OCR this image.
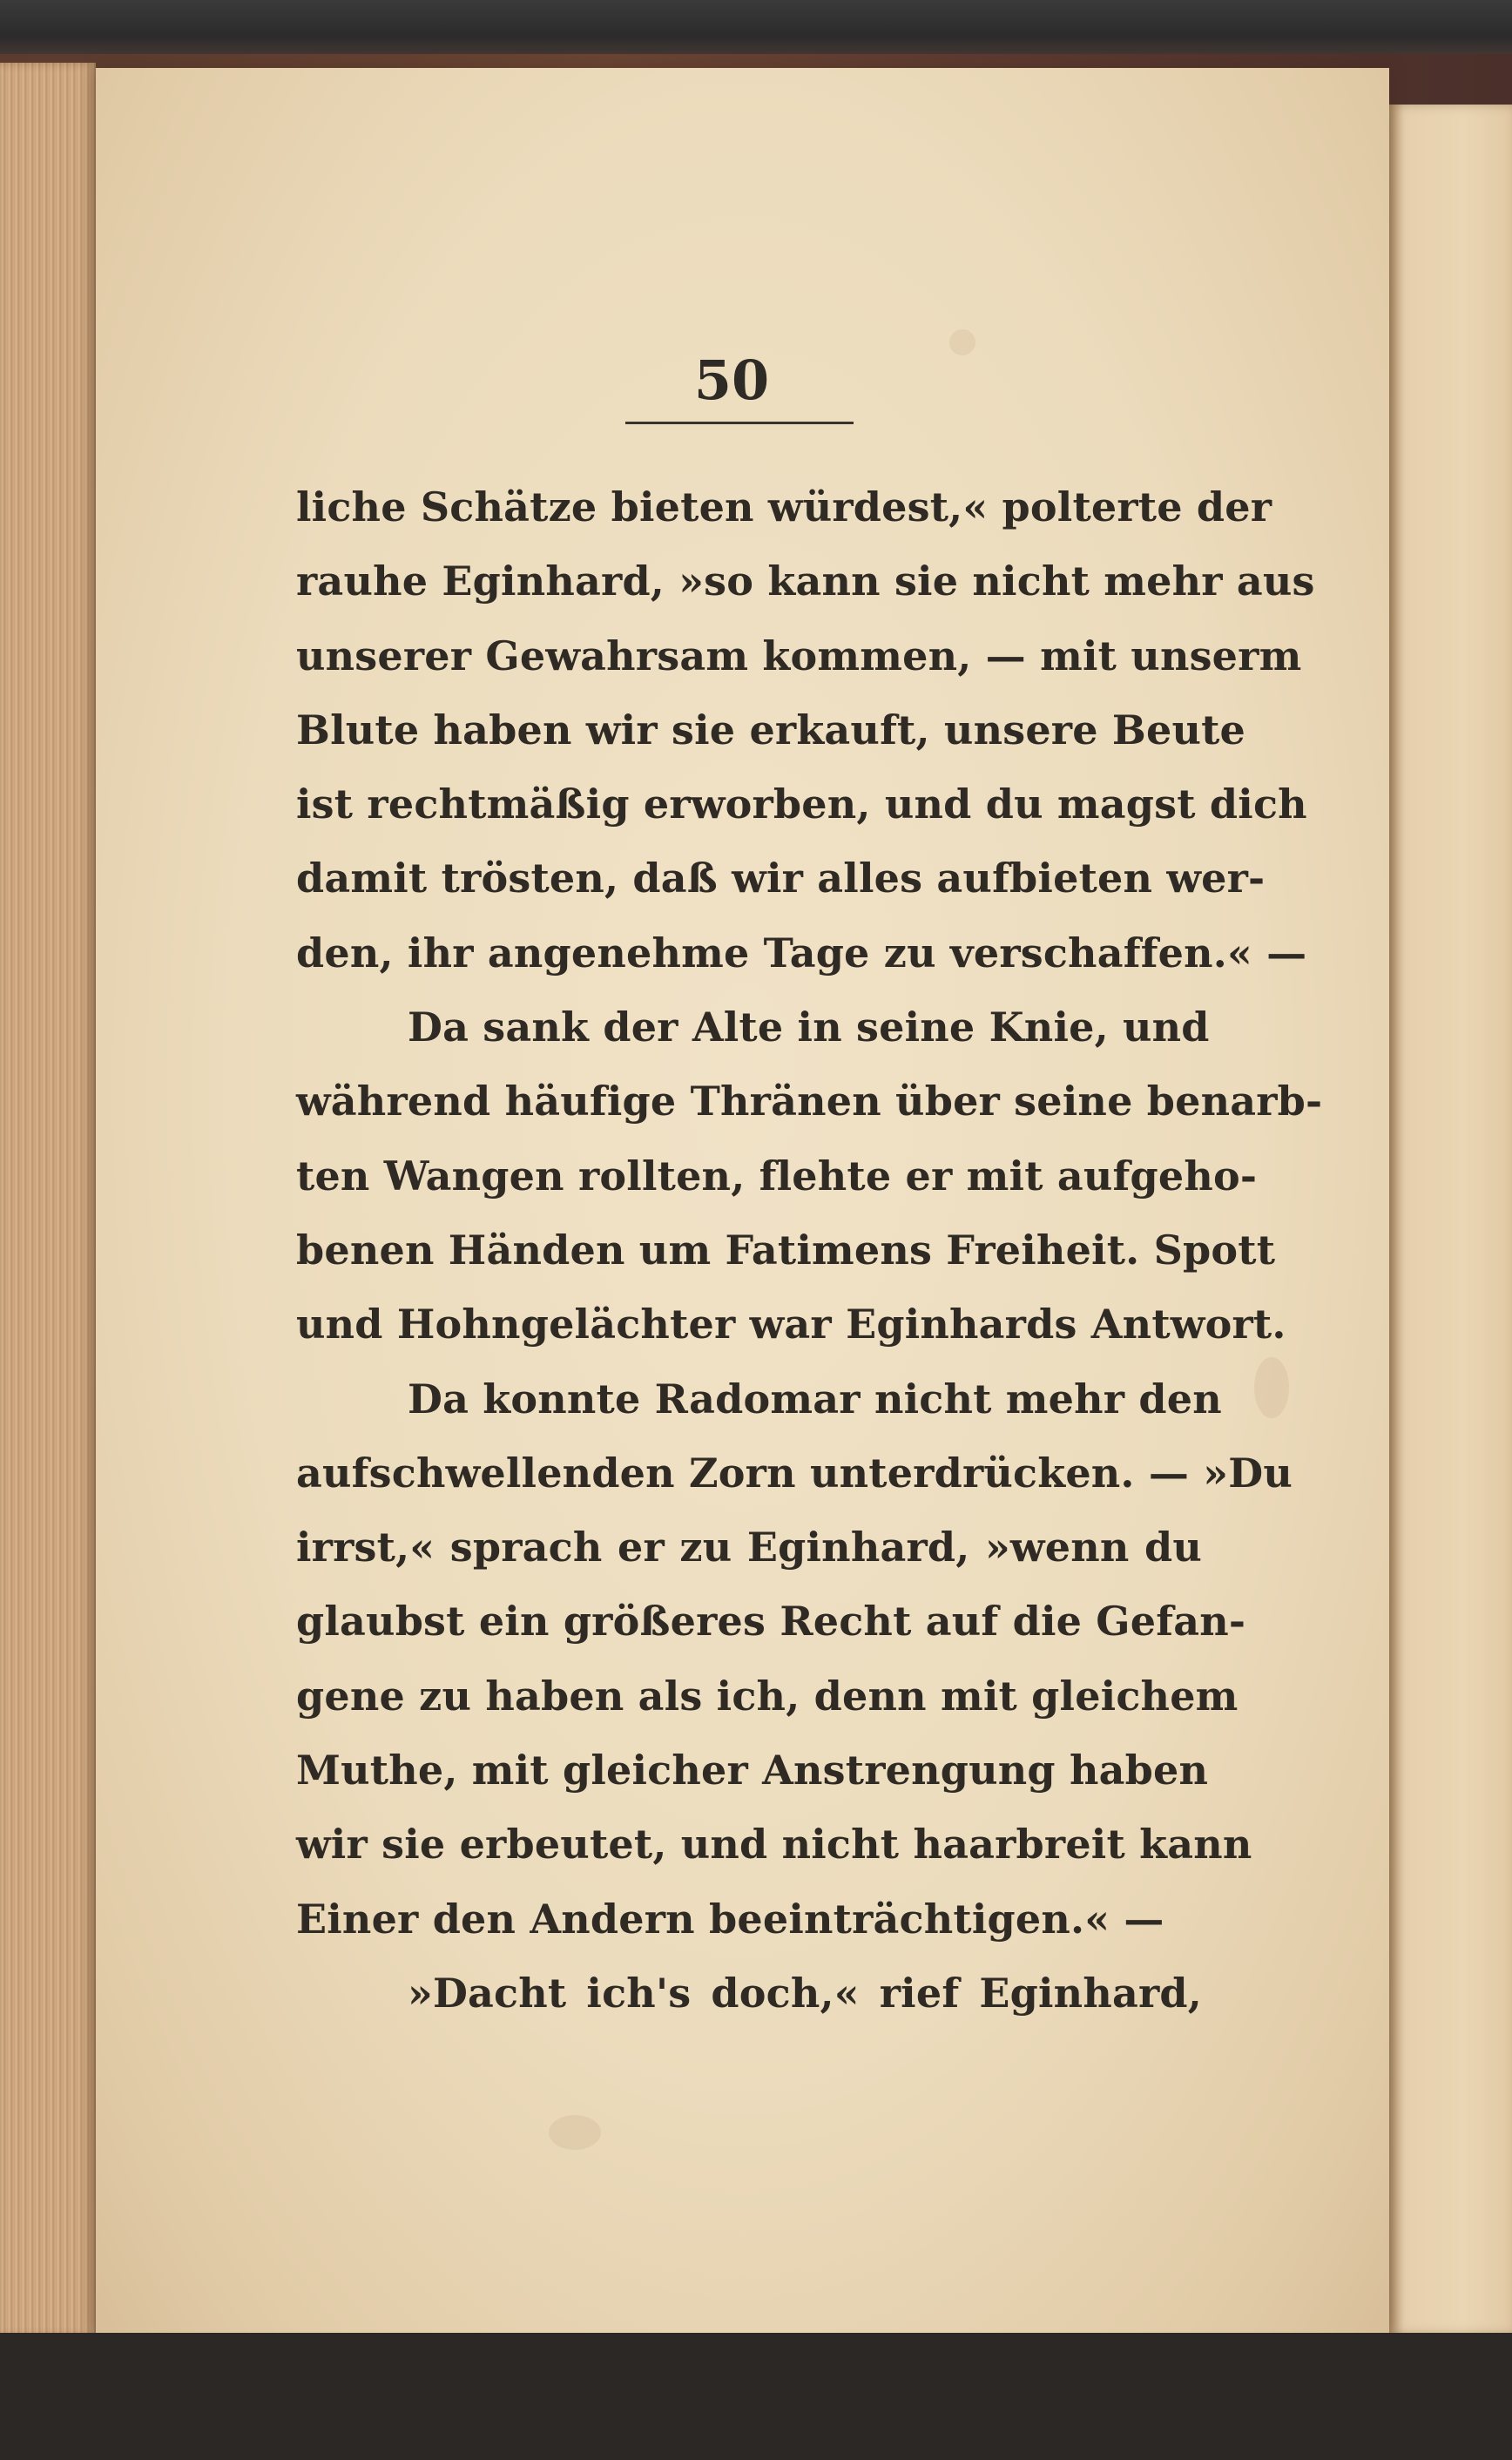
50
liche Schätze bieten würdest,« polterte der
rauhe Eginhard, »so kann sie nicht mehr aus
unserer Gewahrsam kommen, — mit unserm
Blute haben wir sie erkauft, unsere Beute
ist rechtmäßig erworben, und du magst dich
damit trösten, daß wir alles aufbieten wer-
den, ihr angenehme Tage zu verschaffen.« —
Da sank der Alte in seine Knie, und
während häufige Thränen über seine benarb-
ten Wangen rollten, flehte er mit aufgeho-
benen Händen um Fatimens Freiheit. Spott
und Hohngelächter war Eginhards Antwort.
Da konnte Radomar nicht mehr den
aufschwellenden Zorn unterdrücken. — »Du
irrst,« sprach er zu Eginhard, »wenn du
glaubst ein größeres Recht auf die Gefan-
gene zu haben als ich, denn mit gleichem
Muthe, mit gleicher Anstrengung haben
wir sie erbeutet, und nicht haarbreit kann
Einer den Andern beeinträchtigen.« —
»Dacht ich's doch,« rief Eginhard,
